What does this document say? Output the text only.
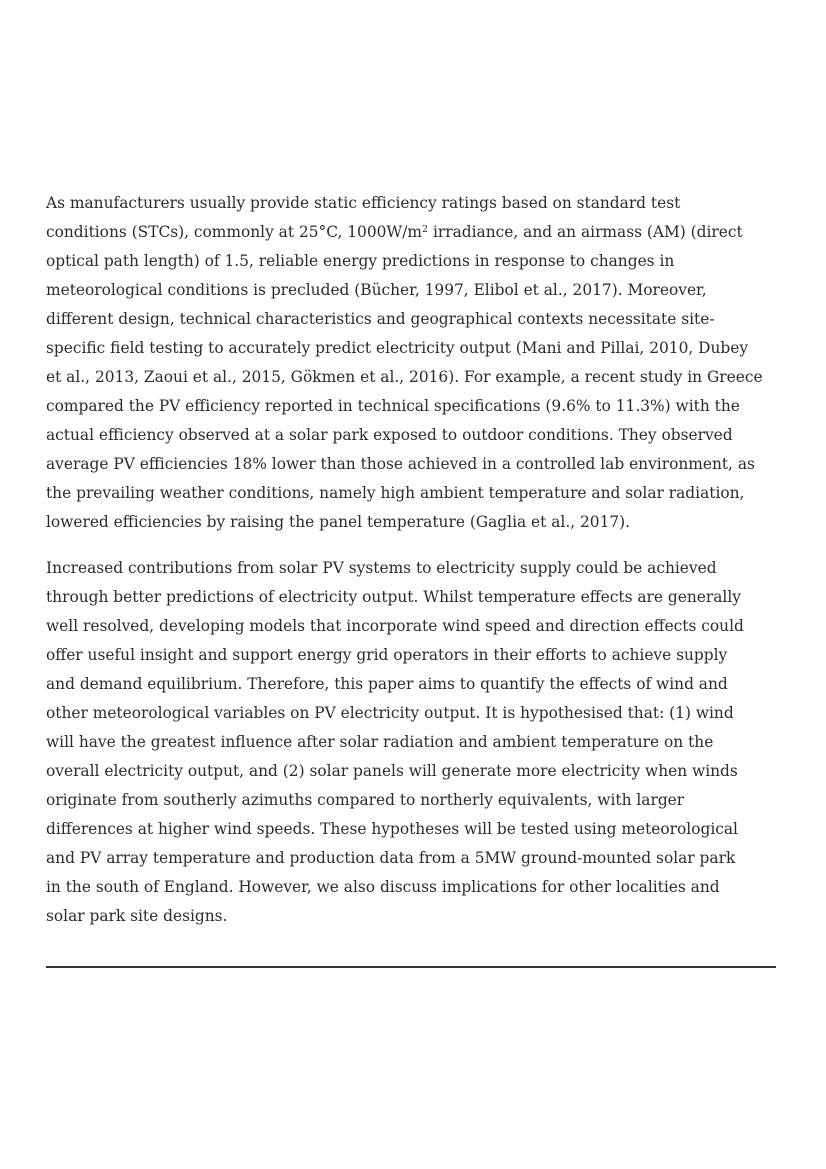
As manufacturers usually provide static efficiency ratings based on standard test
conditions (STCs), commonly at 25°C, $1000W/m^2$ irradiance, and an airmass (AM) (direct
optical path length) of 1.5, reliable energy predictions in response to changes in
meteorological conditions is precluded (Bücher, 1997, Elibol et al., 2017). Moreover,
different design, technical characteristics and geographical contexts necessitate site-
specific field testing to accurately predict electricity output (Mani and Pillai, 2010, Dubey
et al., 2013, Zaoui et al., 2015, Gökmen et al., 2016). For example, a recent study in Greece
compared the PV efficiency reported in technical specifications (9.6% to 11.3%) with the
actual efficiency observed at a solar park exposed to outdoor conditions. They observed
average PV efficiencies 18% lower than those achieved in a controlled lab environment, as
the prevailing weather conditions, namely high ambient temperature and solar radiation,
lowered efficiencies by raising the panel temperature (Gaglia et al., 2017).

Increased contributions from solar PV systems to electricity supply could be achieved
through better predictions of electricity output. Whilst temperature effects are generally
well resolved, developing models that incorporate wind speed and direction effects could
offer useful insight and support energy grid operators in their efforts to achieve supply
and demand equilibrium. Therefore, this paper aims to quantify the effects of wind and
other meteorological variables on PV electricity output. It is hypothesised that: (1) wind
will have the greatest influence after solar radiation and ambient temperature on the
overall electricity output, and (2) solar panels will generate more electricity when winds
originate from southerly azimuths compared to northerly equivalents, with larger
differences at higher wind speeds. These hypotheses will be tested using meteorological
and PV array temperature and production data from a 5MW ground-mounted solar park
in the south of England. However, we also discuss implications for other localities and
solar park site designs.
